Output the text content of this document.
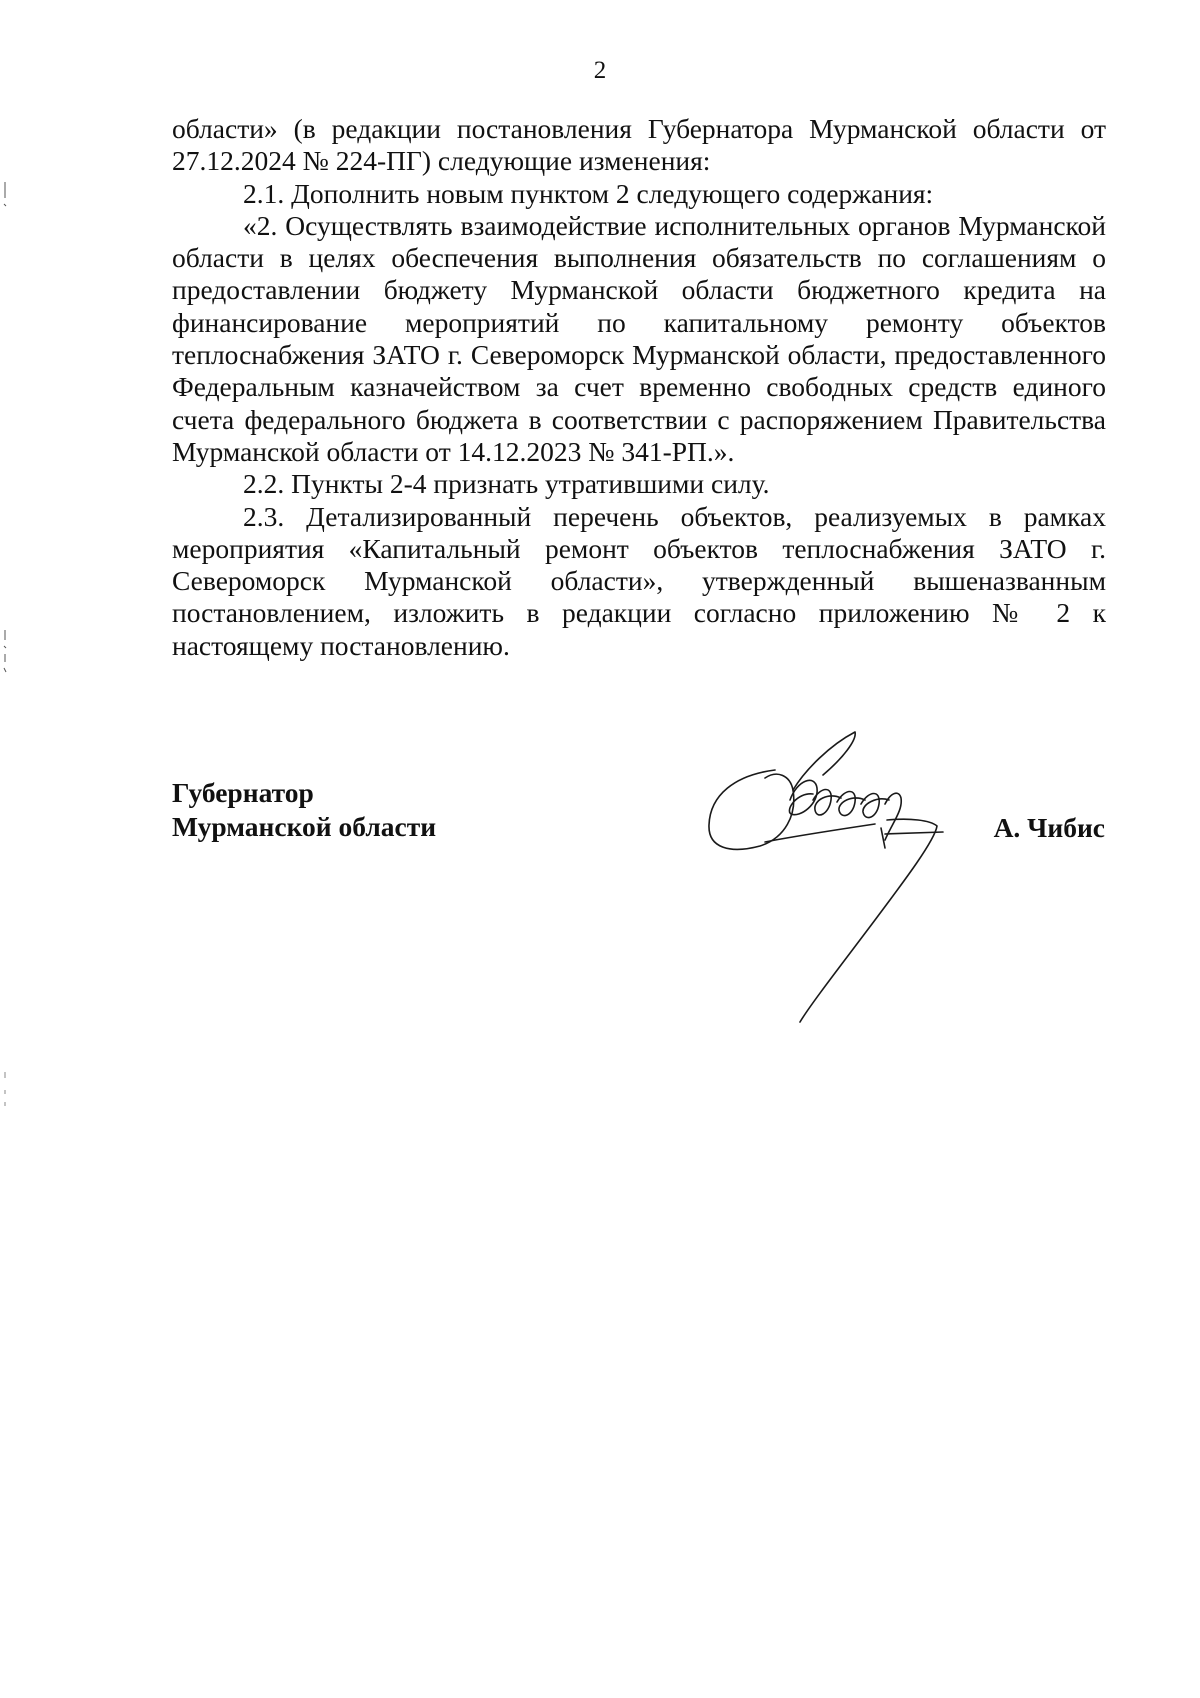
2

области» (в редакции постановления Губернатора Мурманской области от 27.12.2024 № 224-ПГ) следующие изменения:

2.1. Дополнить новым пунктом 2 следующего содержания:

«2. Осуществлять взаимодействие исполнительных органов Мурманской области в целях обеспечения выполнения обязательств по соглашениям о предоставлении бюджету Мурманской области бюджетного кредита на финансирование мероприятий по капитальному ремонту объектов теплоснабжения ЗАТО г. Североморск Мурманской области, предоставленного Федеральным казначейством за счет временно свободных средств единого счета федерального бюджета в соответствии с распоряжением Правительства Мурманской области от 14.12.2023 № 341-РП.».

2.2. Пункты 2-4 признать утратившими силу.

2.3. Детализированный перечень объектов, реализуемых в рамках мероприятия «Капитальный ремонт объектов теплоснабжения ЗАТО г. Североморск Мурманской области», утвержденный вышеназванным постановлением, изложить в редакции согласно приложению № 2 к настоящему постановлению.

Губернатор
Мурманской области	А. Чибис
